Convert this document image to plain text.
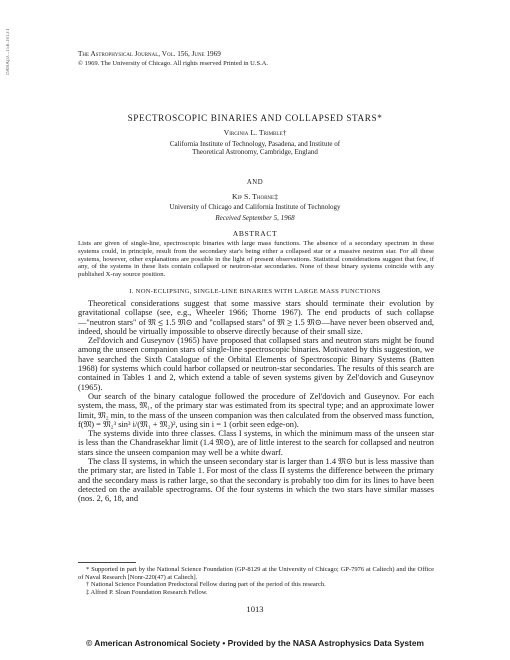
1969ApJ...156.1013T	The Astrophysical Journal, Vol. 156, June 1969
© 1969. The University of Chicago. All rights reserved Printed in U.S.A.
SPECTROSCOPIC BINARIES AND COLLAPSED STARS*
Virginia L. Trimble†
California Institute of Technology, Pasadena, and Institute of
Theoretical Astronomy, Cambridge, England
AND
Kip S. Thorne‡
University of Chicago and California Institute of Technology
Received September 5, 1968
ABSTRACT
Lists are given of single-line, spectroscopic binaries with large mass functions. The absence of a secondary spectrum in these systems could, in principle, result from the secondary star's being either a collapsed star or a massive neutron star. For all these systems, however, other explanations are possible in the light of present observations. Statistical considerations suggest that few, if any, of the systems in these lists contain collapsed or neutron-star secondaries. None of these binary systems coincide with any published X-ray source position.
I. NON-ECLIPSING, SINGLE-LINE BINARIES WITH LARGE MASS FUNCTIONS

Theoretical considerations suggest that some massive stars should terminate their evolution by gravitational collapse (see, e.g., Wheeler 1966; Thorne 1967). The end products of such collapse—"neutron stars" of 𝔐 ≲ 1.5 𝔐⊙ and "collapsed stars" of 𝔐 ≳ 1.5 𝔐⊙—have never been observed and, indeed, should be virtually impossible to observe directly because of their small size.

Zel'dovich and Guseynov (1965) have proposed that collapsed stars and neutron stars might be found among the unseen companion stars of single-line spectroscopic binaries. Motivated by this suggestion, we have searched the Sixth Catalogue of the Orbital Elements of Spectroscopic Binary Systems (Batten 1968) for systems which could harbor collapsed or neutron-star secondaries. The results of this search are contained in Tables 1 and 2, which extend a table of seven systems given by Zel'dovich and Guseynov (1965).

Our search of the binary catalogue followed the procedure of Zel'dovich and Guseynov. For each system, the mass, 𝔐₁, of the primary star was estimated from its spectral type; and an approximate lower limit, 𝔐₂ min, to the mass of the unseen companion was then calculated from the observed mass function, f(𝔐) = 𝔐₂³ sin³ i/(𝔐₁ + 𝔐₂)², using sin i = 1 (orbit seen edge-on).

The systems divide into three classes. Class I systems, in which the minimum mass of the unseen star is less than the Chandrasekhar limit (1.4 𝔐⊙), are of little interest to the search for collapsed and neutron stars since the unseen companion may well be a white dwarf.

The class II systems, in which the unseen secondary star is larger than 1.4 𝔐⊙ but is less massive than the primary star, are listed in Table 1. For most of the class II systems the difference between the primary and the secondary mass is rather large, so that the secondary is probably too dim for its lines to have been detected on the available spectrograms. Of the four systems in which the two stars have similar masses (nos. 2, 6, 18, and

* Supported in part by the National Science Foundation (GP-8129 at the University of Chicago; GP-7976 at Caltech) and the Office of Naval Research [Nonr-220(47) at Caltech].

† National Science Foundation Predoctoral Fellow during part of the period of this research.

‡ Alfred P. Sloan Foundation Research Fellow.

1013
© American Astronomical Society • Provided by the NASA Astrophysics Data System
